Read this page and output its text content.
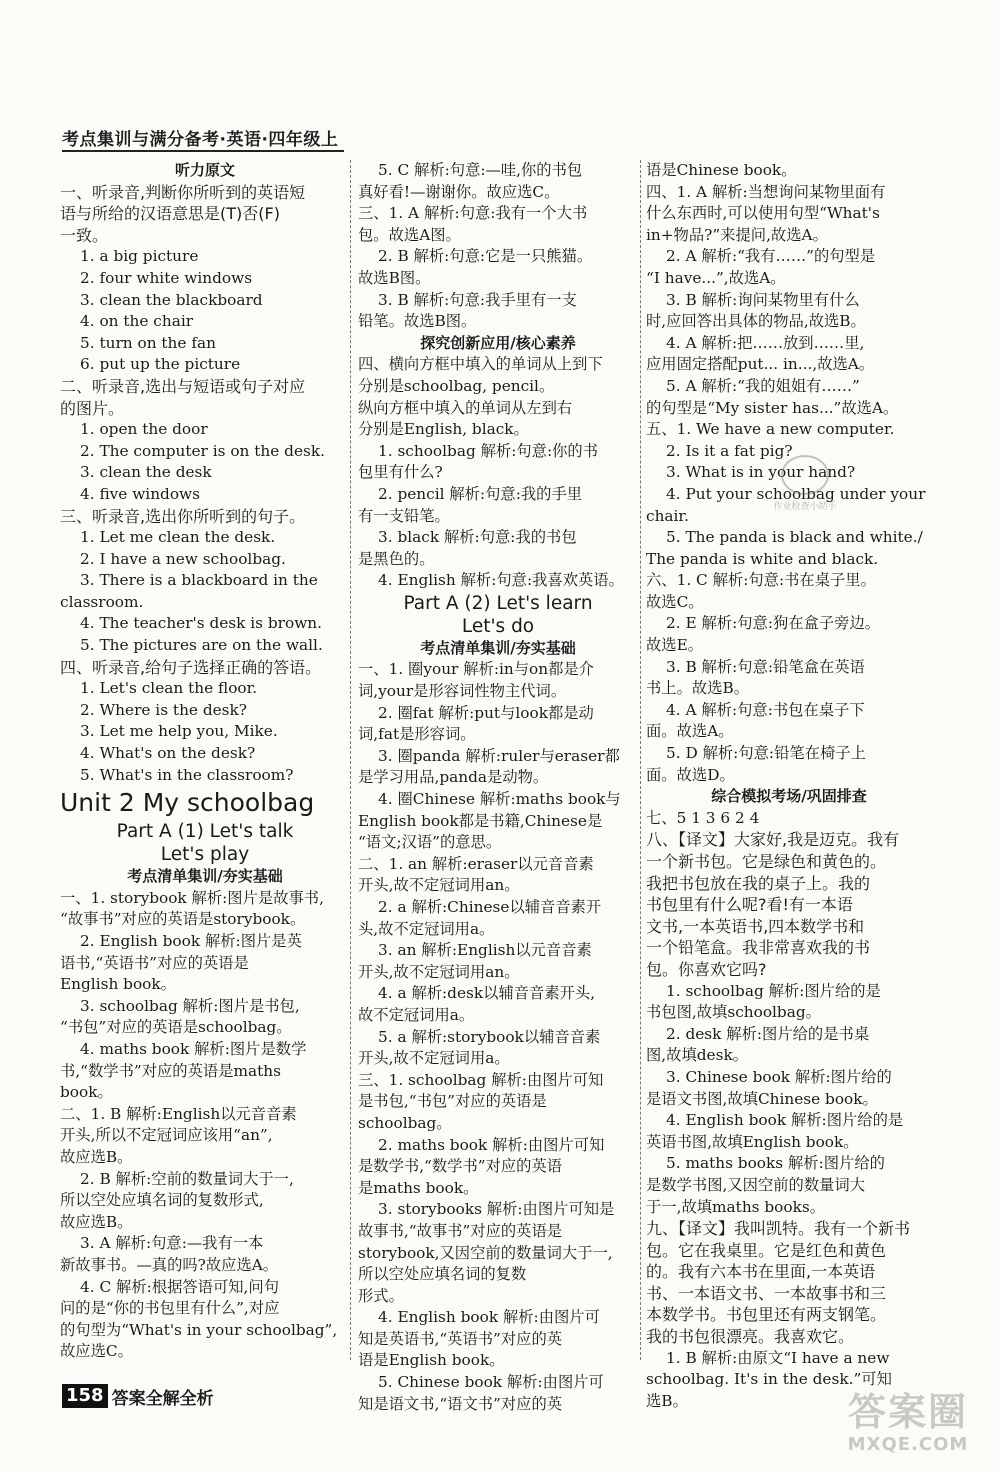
考点集训与满分备考·英语·四年级上
听力原文
一、听录音,判断你所听到的英语短
语与所给的汉语意思是(T)否(F)
一致。
1. a big picture
2. four white windows
3. clean the blackboard
4. on the chair
5. turn on the fan
6. put up the picture
二、听录音,选出与短语或句子对应
的图片。
1. open the door
2. The computer is on the desk.
3. clean the desk
4. five windows
三、听录音,选出你所听到的句子。
1. Let me clean the desk.
2. I have a new schoolbag.
3. There is a blackboard in the
classroom.
4. The teacher's desk is brown.
5. The pictures are on the wall.
四、听录音,给句子选择正确的答语。
1. Let's clean the floor.
2. Where is the desk?
3. Let me help you, Mike.
4. What's on the desk?
5. What's in the classroom?
Unit 2 My schoolbag
Part A (1) Let's talk
Let's play
考点清单集训/夯实基础
一、1. storybook 解析:图片是故事书,
“故事书”对应的英语是storybook。
2. English book 解析:图片是英
语书,“英语书”对应的英语是
English book。
3. schoolbag 解析:图片是书包,
“书包”对应的英语是schoolbag。
4. maths book 解析:图片是数学
书,“数学书”对应的英语是maths
book。
二、1. B 解析:English以元音音素
开头,所以不定冠词应该用“an”,
故应选B。
2. B 解析:空前的数量词大于一,
所以空处应填名词的复数形式,
故应选B。
3. A 解析:句意:—我有一本
新故事书。—真的吗?故应选A。
4. C 解析:根据答语可知,问句
问的是“你的书包里有什么”,对应
的句型为“What's in your schoolbag”,
故应选C。
5. C 解析:句意:—哇,你的书包
真好看!—谢谢你。故应选C。
三、1. A 解析:句意:我有一个大书
包。故选A图。
2. B 解析:句意:它是一只熊猫。
故选B图。
3. B 解析:句意:我手里有一支
铅笔。故选B图。
探究创新应用/核心素养
四、横向方框中填入的单词从上到下
分别是schoolbag, pencil。
纵向方框中填入的单词从左到右
分别是English, black。
1. schoolbag 解析:句意:你的书
包里有什么?
2. pencil 解析:句意:我的手里
有一支铅笔。
3. black 解析:句意:我的书包
是黑色的。
4. English 解析:句意:我喜欢英语。
Part A (2) Let's learn
Let's do
考点清单集训/夯实基础
一、1. 圈your 解析:in与on都是介
词,your是形容词性物主代词。
2. 圈fat 解析:put与look都是动
词,fat是形容词。
3. 圈panda 解析:ruler与eraser都
是学习用品,panda是动物。
4. 圈Chinese 解析:maths book与
English book都是书籍,Chinese是
“语文;汉语”的意思。
二、1. an 解析:eraser以元音音素
开头,故不定冠词用an。
2. a 解析:Chinese以辅音音素开
头,故不定冠词用a。
3. an 解析:English以元音音素
开头,故不定冠词用an。
4. a 解析:desk以辅音音素开头,
故不定冠词用a。
5. a 解析:storybook以辅音音素
开头,故不定冠词用a。
三、1. schoolbag 解析:由图片可知
是书包,“书包”对应的英语是
schoolbag。
2. maths book 解析:由图片可知
是数学书,“数学书”对应的英语
是maths book。
3. storybooks 解析:由图片可知是
故事书,“故事书”对应的英语是
storybook,又因空前的数量词大于一,
所以空处应填名词的复数
形式。
4. English book 解析:由图片可
知是英语书,“英语书”对应的英
语是English book。
5. Chinese book 解析:由图片可
知是语文书,“语文书”对应的英
语是Chinese book。
四、1. A 解析:当想询问某物里面有
什么东西时,可以使用句型“What's
in+物品?”来提问,故选A。
2. A 解析:“我有……”的句型是
“I have...”,故选A。
3. B 解析:询问某物里有什么
时,应回答出具体的物品,故选B。
4. A 解析:把……放到……里,
应用固定搭配put... in...,故选A。
5. A 解析:“我的姐姐有……”
的句型是“My sister has...”故选A。
五、1. We have a new computer.
2. Is it a fat pig?
3. What is in your hand?
4. Put your schoolbag under your
chair.
5. The panda is black and white./
The panda is white and black.
六、1. C 解析:句意:书在桌子里。
故选C。
2. E 解析:句意:狗在盒子旁边。
故选E。
3. B 解析:句意:铅笔盒在英语
书上。故选B。
4. A 解析:句意:书包在桌子下
面。故选A。
5. D 解析:句意:铅笔在椅子上
面。故选D。
综合模拟考场/巩固排查
七、5 1 3 6 2 4
八、【译文】大家好,我是迈克。我有
一个新书包。它是绿色和黄色的。
我把书包放在我的桌子上。我的
书包里有什么呢?看!有一本语
文书,一本英语书,四本数学书和
一个铅笔盒。我非常喜欢我的书
包。你喜欢它吗?
1. schoolbag 解析:图片给的是
书包图,故填schoolbag。
2. desk 解析:图片给的是书桌
图,故填desk。
3. Chinese book 解析:图片给的
是语文书图,故填Chinese book。
4. English book 解析:图片给的是
英语书图,故填English book。
5. maths books 解析:图片给的
是数学书图,又因空前的数量词大
于一,故填maths books。
九、【译文】我叫凯特。我有一个新书
包。它在我桌里。它是红色和黄色
的。我有六本书在里面,一本英语
书、一本语文书、一本故事书和三
本数学书。书包里还有两支钢笔。
我的书包很漂亮。我喜欢它。
1. B 解析:由原文“I have a new
schoolbag. It's in the desk.”可知
选B。
作业检查小助手
158 答案全解全析	答案圈
MXQE.COM
